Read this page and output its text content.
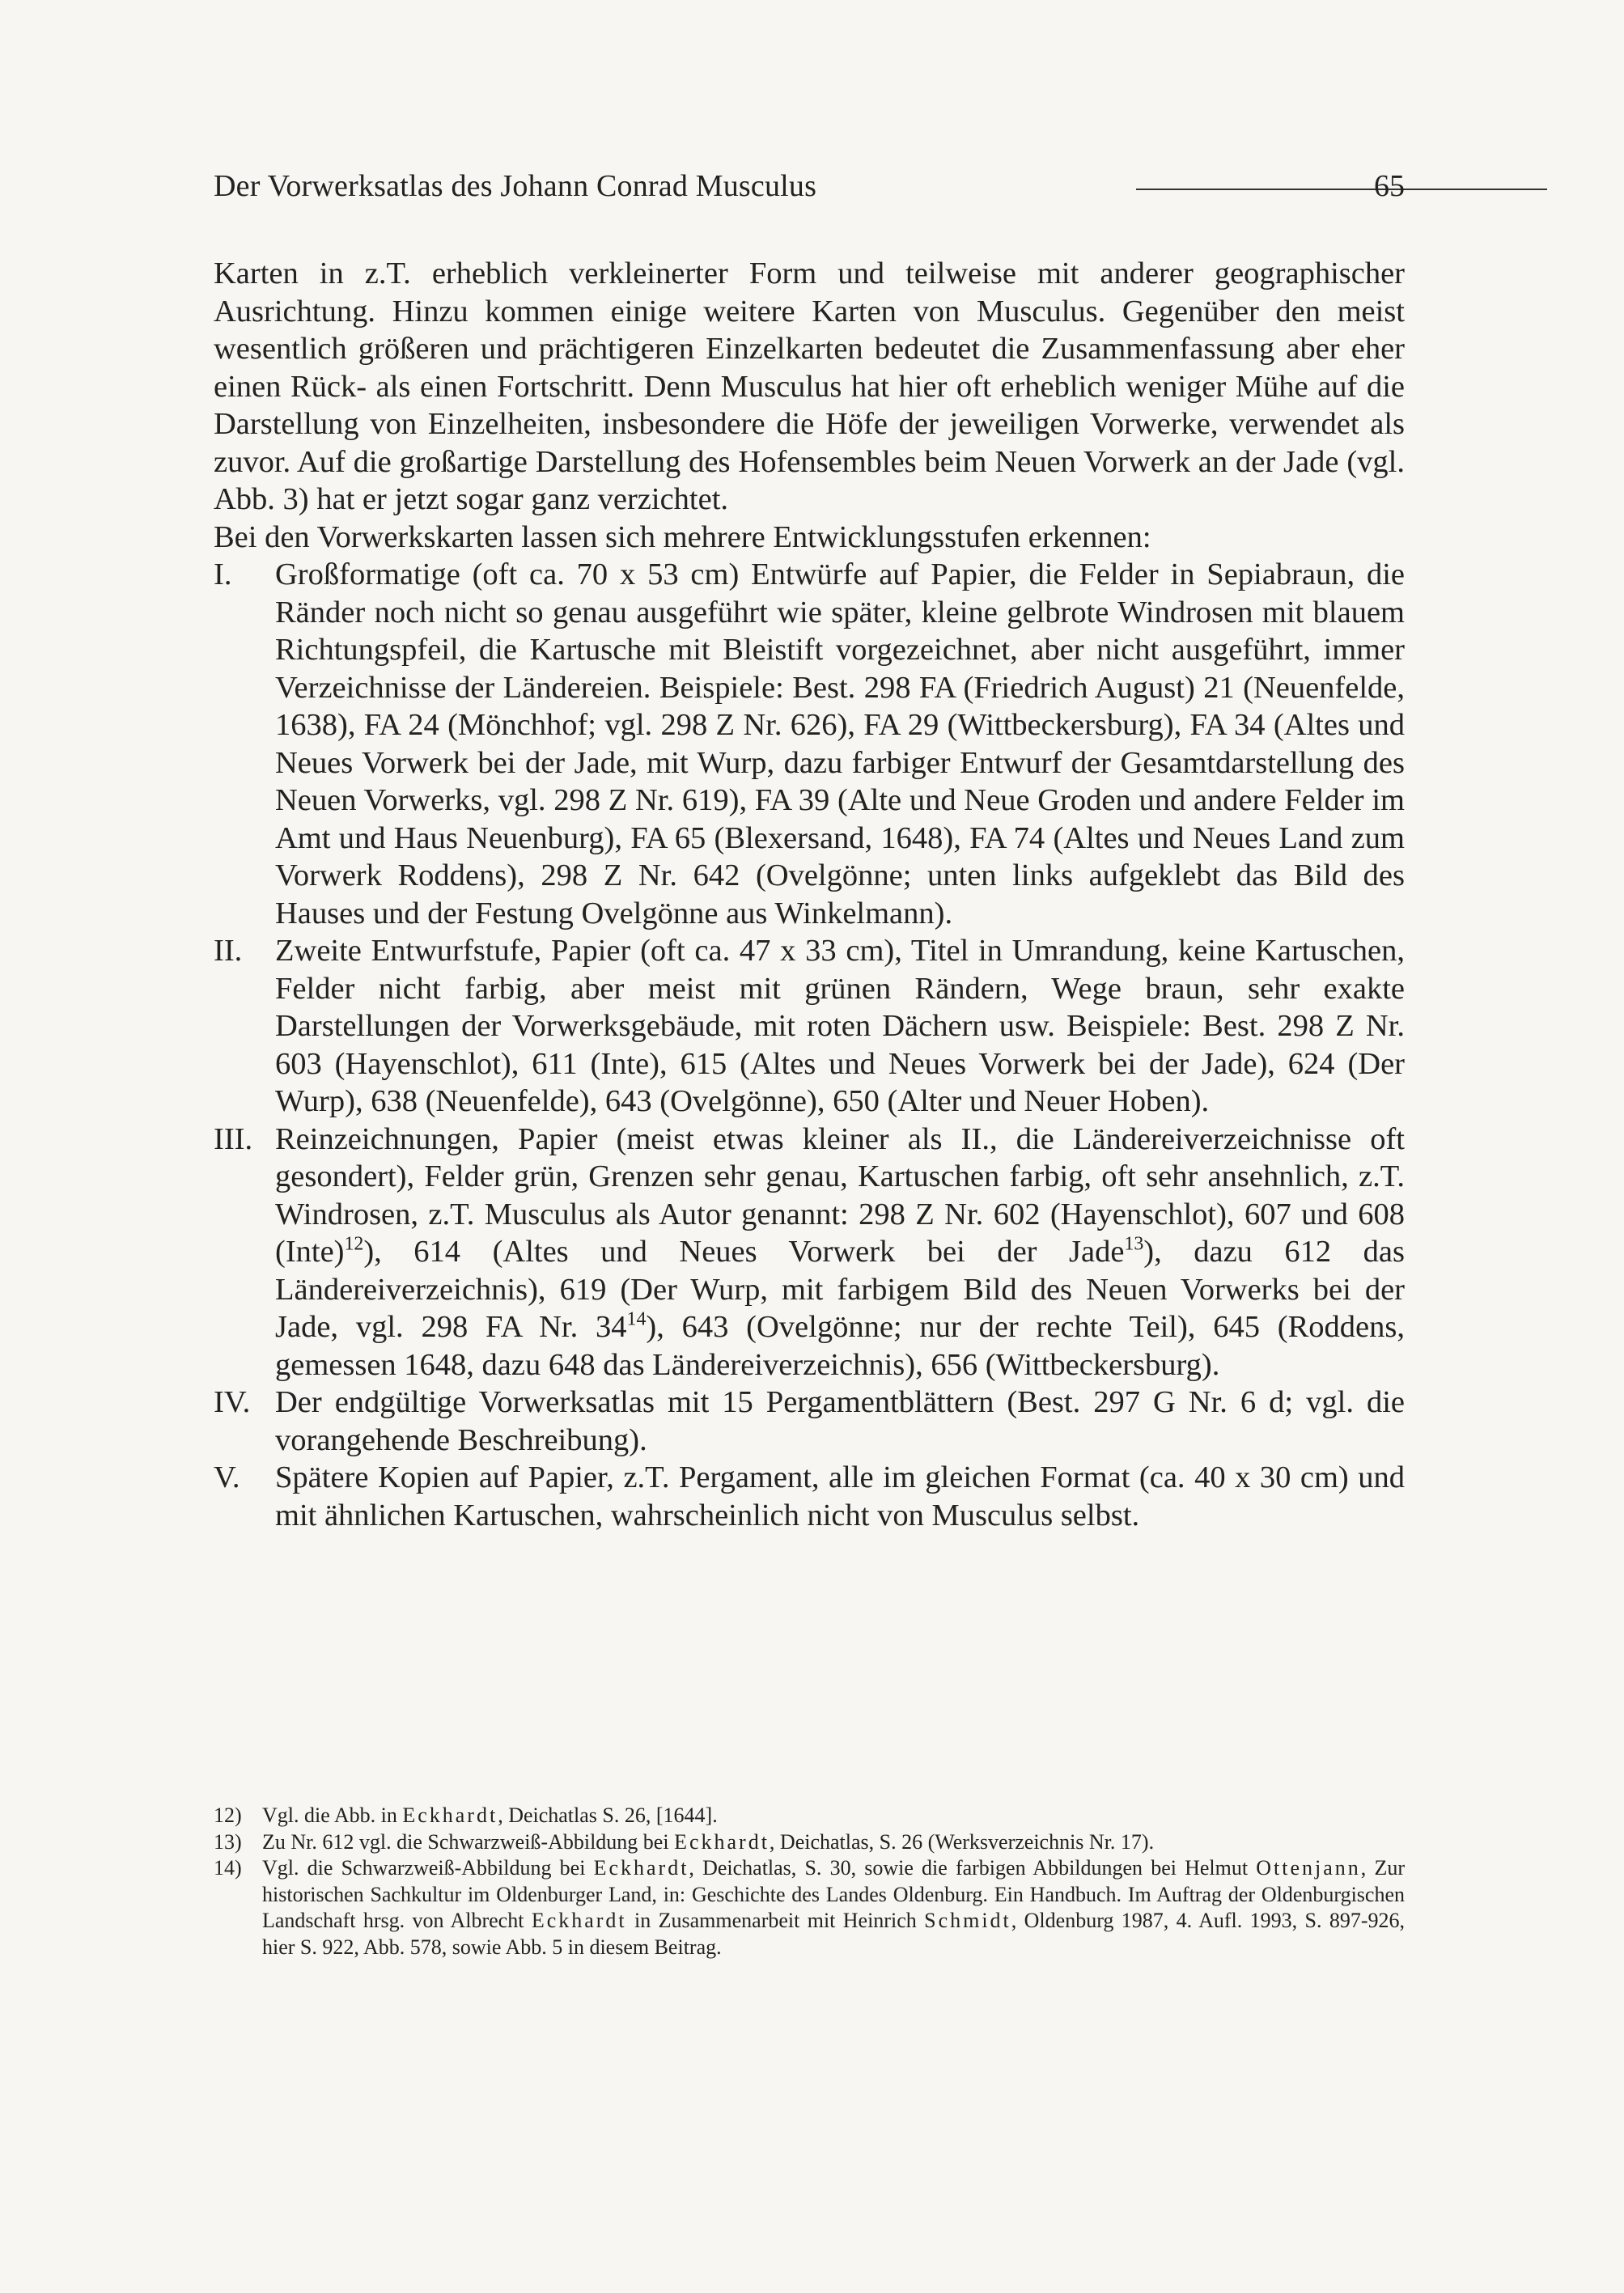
Der Vorwerksatlas des Johann Conrad Musculus	65

Karten in z.T. erheblich verkleinerter Form und teilweise mit anderer geographischer Ausrichtung. Hinzu kommen einige weitere Karten von Musculus. Gegenüber den meist wesentlich größeren und prächtigeren Einzelkarten bedeutet die Zusammenfassung aber eher einen Rück- als einen Fortschritt. Denn Musculus hat hier oft erheblich weniger Mühe auf die Darstellung von Einzelheiten, insbesondere die Höfe der jeweiligen Vorwerke, verwendet als zuvor. Auf die großartige Darstellung des Hofensembles beim Neuen Vorwerk an der Jade (vgl. Abb. 3) hat er jetzt sogar ganz verzichtet.

Bei den Vorwerkskarten lassen sich mehrere Entwicklungsstufen erkennen:

I. Großformatige (oft ca. 70 x 53 cm) Entwürfe auf Papier, die Felder in Sepiabraun, die Ränder noch nicht so genau ausgeführt wie später, kleine gelbrote Windrosen mit blauem Richtungspfeil, die Kartusche mit Bleistift vorgezeichnet, aber nicht ausgeführt, immer Verzeichnisse der Ländereien. Beispiele: Best. 298 FA (Friedrich August) 21 (Neuenfelde, 1638), FA 24 (Mönchhof; vgl. 298 Z Nr. 626), FA 29 (Wittbeckersburg), FA 34 (Altes und Neues Vorwerk bei der Jade, mit Wurp, dazu farbiger Entwurf der Gesamtdarstellung des Neuen Vorwerks, vgl. 298 Z Nr. 619), FA 39 (Alte und Neue Groden und andere Felder im Amt und Haus Neuenburg), FA 65 (Blexersand, 1648), FA 74 (Altes und Neues Land zum Vorwerk Roddens), 298 Z Nr. 642 (Ovelgönne; unten links aufgeklebt das Bild des Hauses und der Festung Ovelgönne aus Winkelmann).
II. Zweite Entwurfstufe, Papier (oft ca. 47 x 33 cm), Titel in Umrandung, keine Kartuschen, Felder nicht farbig, aber meist mit grünen Rändern, Wege braun, sehr exakte Darstellungen der Vorwerksgebäude, mit roten Dächern usw. Beispiele: Best. 298 Z Nr. 603 (Hayenschlot), 611 (Inte), 615 (Altes und Neues Vorwerk bei der Jade), 624 (Der Wurp), 638 (Neuenfelde), 643 (Ovelgönne), 650 (Alter und Neuer Hoben).
III. Reinzeichnungen, Papier (meist etwas kleiner als II., die Ländereiverzeichnisse oft gesondert), Felder grün, Grenzen sehr genau, Kartuschen farbig, oft sehr ansehnlich, z.T. Windrosen, z.T. Musculus als Autor genannt: 298 Z Nr. 602 (Hayenschlot), 607 und 608 (Inte)$^{12}$), 614 (Altes und Neues Vorwerk bei der Jade$^{13}$), dazu 612 das Ländereiverzeichnis), 619 (Der Wurp, mit farbigem Bild des Neuen Vorwerks bei der Jade, vgl. 298 FA Nr. $34^{14}$), 643 (Ovelgönne; nur der rechte Teil), 645 (Roddens, gemessen 1648, dazu 648 das Ländereiverzeichnis), 656 (Wittbeckersburg).
IV. Der endgültige Vorwerksatlas mit 15 Pergamentblättern (Best. 297 G Nr. 6 d; vgl. die vorangehende Beschreibung).
V. Spätere Kopien auf Papier, z.T. Pergament, alle im gleichen Format (ca. 40 x 30 cm) und mit ähnlichen Kartuschen, wahrscheinlich nicht von Musculus selbst.
12) Vgl. die Abb. in Eckhardt, Deichatlas S. 26, [1644].
13) Zu Nr. 612 vgl. die Schwarzweiß-Abbildung bei Eckhardt, Deichatlas, S. 26 (Werksverzeichnis Nr. 17).
14) Vgl. die Schwarzweiß-Abbildung bei Eckhardt, Deichatlas, S. 30, sowie die farbigen Abbildungen bei Helmut Ottenjann, Zur historischen Sachkultur im Oldenburger Land, in: Geschichte des Landes Oldenburg. Ein Handbuch. Im Auftrag der Oldenburgischen Landschaft hrsg. von Albrecht Eckhardt in Zusammenarbeit mit Heinrich Schmidt, Oldenburg 1987, 4. Aufl. 1993, S. 897-926, hier S. 922, Abb. 578, sowie Abb. 5 in diesem Beitrag.
